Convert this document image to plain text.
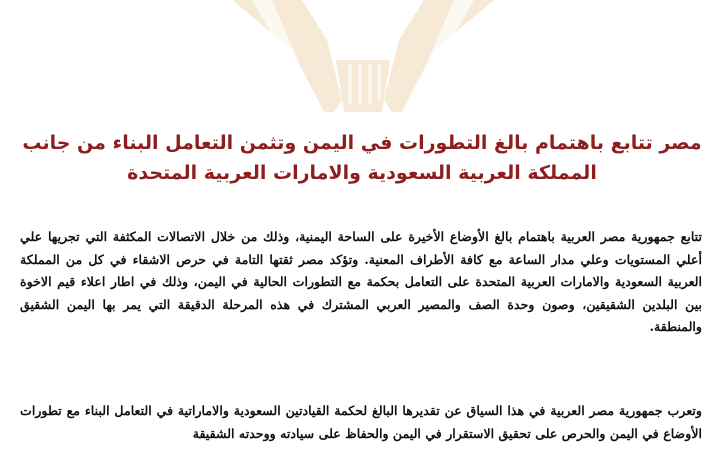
مصر تتابع باهتمام بالغ التطورات في اليمن وتثمن التعامل البناء من جانب
المملكة العربية السعودية والامارات العربية المتحدة
تتابع جمهورية مصر العربية باهتمام بالغ الأوضاع الأخيرة على الساحة اليمنية، وذلك من خلال الاتصالات المكثفة التي تجريها علي أعلي المستويات وعلي مدار الساعة مع كافة الأطراف المعنية. وتؤكد مصر ثقتها التامة في حرص الاشقاء في كل من المملكة العربية السعودية والامارات العربية المتحدة على التعامل بحكمة مع التطورات الحالية في اليمن، وذلك في اطار اعلاء قيم الاخوة بين البلدين الشقيقين، وصون وحدة الصف والمصير العربي المشترك في هذه المرحلة الدقيقة التي يمر بها اليمن الشقيق والمنطقة.
وتعرب جمهورية مصر العربية في هذا السياق عن تقديرها البالغ لحكمة القيادتين السعودية والاماراتية في التعامل البناء مع تطورات الأوضاع في اليمن والحرص على تحقيق الاستقرار في اليمن والحفاظ على سيادته ووحدته الشقيقة
